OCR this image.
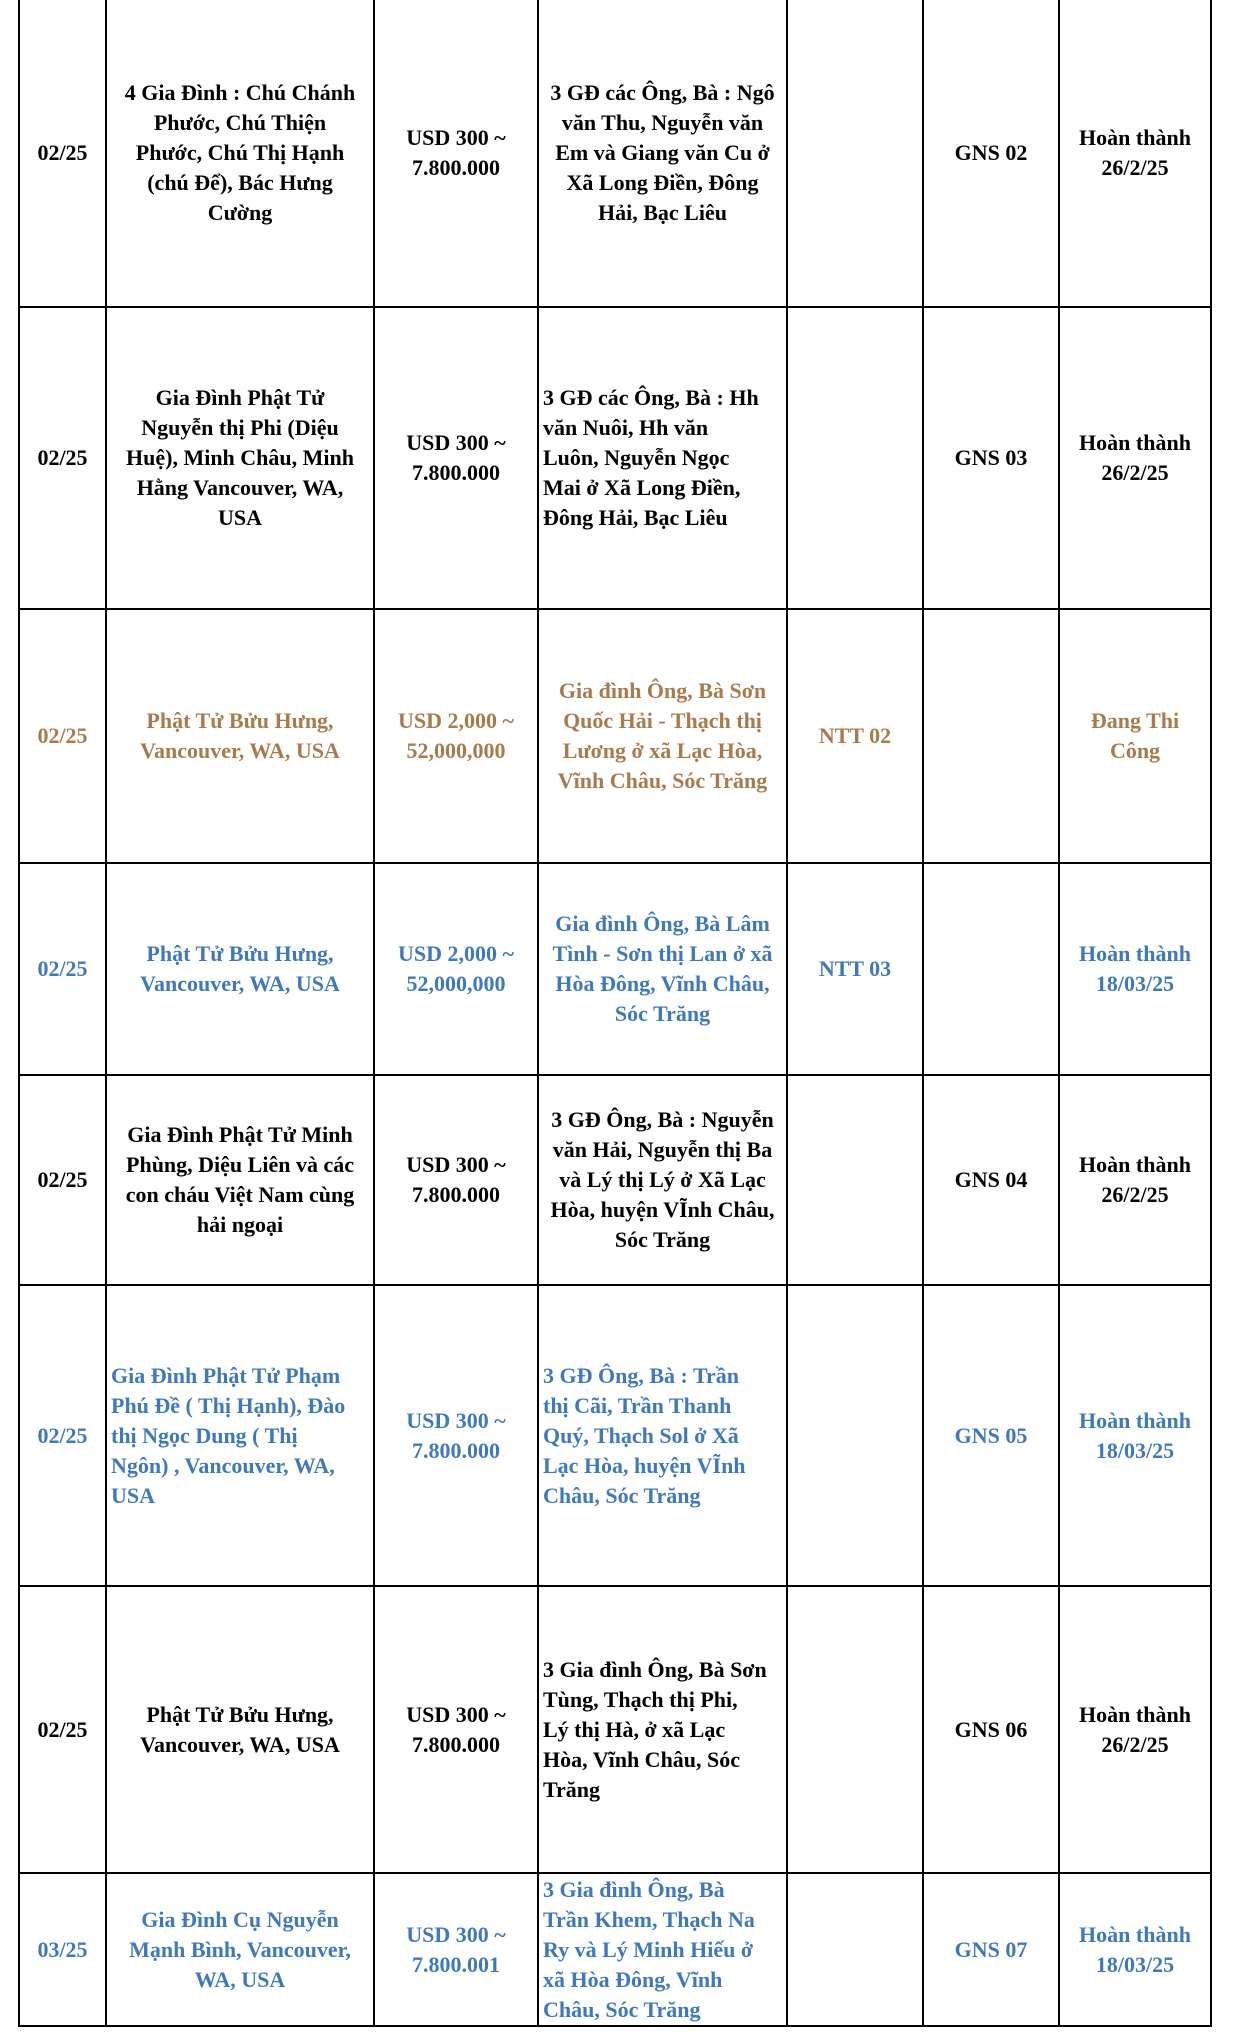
02/25	4 Gia Đình : Chú Chánh
Phước, Chú Thiện
Phước, Chú Thị Hạnh
(chú Để), Bác Hưng
Cường	USD 300 ~
7.800.000	3 GĐ các Ông, Bà : Ngô
văn Thu, Nguyễn văn
Em và Giang văn Cu ở
Xã Long Điền, Đông
Hải, Bạc Liêu		GNS 02	Hoàn thành
26/2/25
02/25	Gia Đình Phật Tử
Nguyễn thị Phi (Diệu
Huệ), Minh Châu, Minh
Hằng Vancouver, WA,
USA	USD 300 ~
7.800.000	3 GĐ các Ông, Bà : Hh
văn Nuôi, Hh văn
Luôn, Nguyễn Ngọc
Mai ở Xã Long Điền,
Đông Hải, Bạc Liêu		GNS 03	Hoàn thành
26/2/25
02/25	Phật Tử Bửu Hưng,
Vancouver, WA, USA	USD 2,000 ~
52,000,000	Gia đình Ông, Bà Sơn
Quốc Hải - Thạch thị
Lương ở xã Lạc Hòa,
Vĩnh Châu, Sóc Trăng	NTT 02		Đang Thi
Công
02/25	Phật Tử Bửu Hưng,
Vancouver, WA, USA	USD 2,000 ~
52,000,000	Gia đình Ông, Bà Lâm
Tình - Sơn thị Lan ở xã
Hòa Đông, Vĩnh Châu,
Sóc Trăng	NTT 03		Hoàn thành
18/03/25
02/25	Gia Đình Phật Tử Minh
Phùng, Diệu Liên và các
con cháu Việt Nam cùng
hải ngoại	USD 300 ~
7.800.000	3 GĐ Ông, Bà : Nguyễn
văn Hải, Nguyễn thị Ba
và Lý thị Lý ở Xã Lạc
Hòa, huyện VĨnh Châu,
Sóc Trăng		GNS 04	Hoàn thành
26/2/25
02/25	Gia Đình Phật Tử Phạm
Phú Đề ( Thị Hạnh), Đào
thị Ngọc Dung ( Thị
Ngôn) , Vancouver, WA,
USA	USD 300 ~
7.800.000	3 GĐ Ông, Bà : Trần
thị Cãi, Trần Thanh
Quý, Thạch Sol ở Xã
Lạc Hòa, huyện VĨnh
Châu, Sóc Trăng		GNS 05	Hoàn thành
18/03/25
02/25	Phật Tử Bửu Hưng,
Vancouver, WA, USA	USD 300 ~
7.800.000	3 Gia đình Ông, Bà Sơn
Tùng, Thạch thị Phi,
Lý thị Hà, ở xã Lạc
Hòa, Vĩnh Châu, Sóc
Trăng		GNS 06	Hoàn thành
26/2/25
03/25	Gia Đình Cụ Nguyễn
Mạnh Bình, Vancouver,
WA, USA	USD 300 ~
7.800.001	3 Gia đình Ông, Bà
Trần Khem, Thạch Na
Ry và Lý Minh Hiếu ở
xã Hòa Đông, Vĩnh
Châu, Sóc Trăng		GNS 07	Hoàn thành
18/03/25
